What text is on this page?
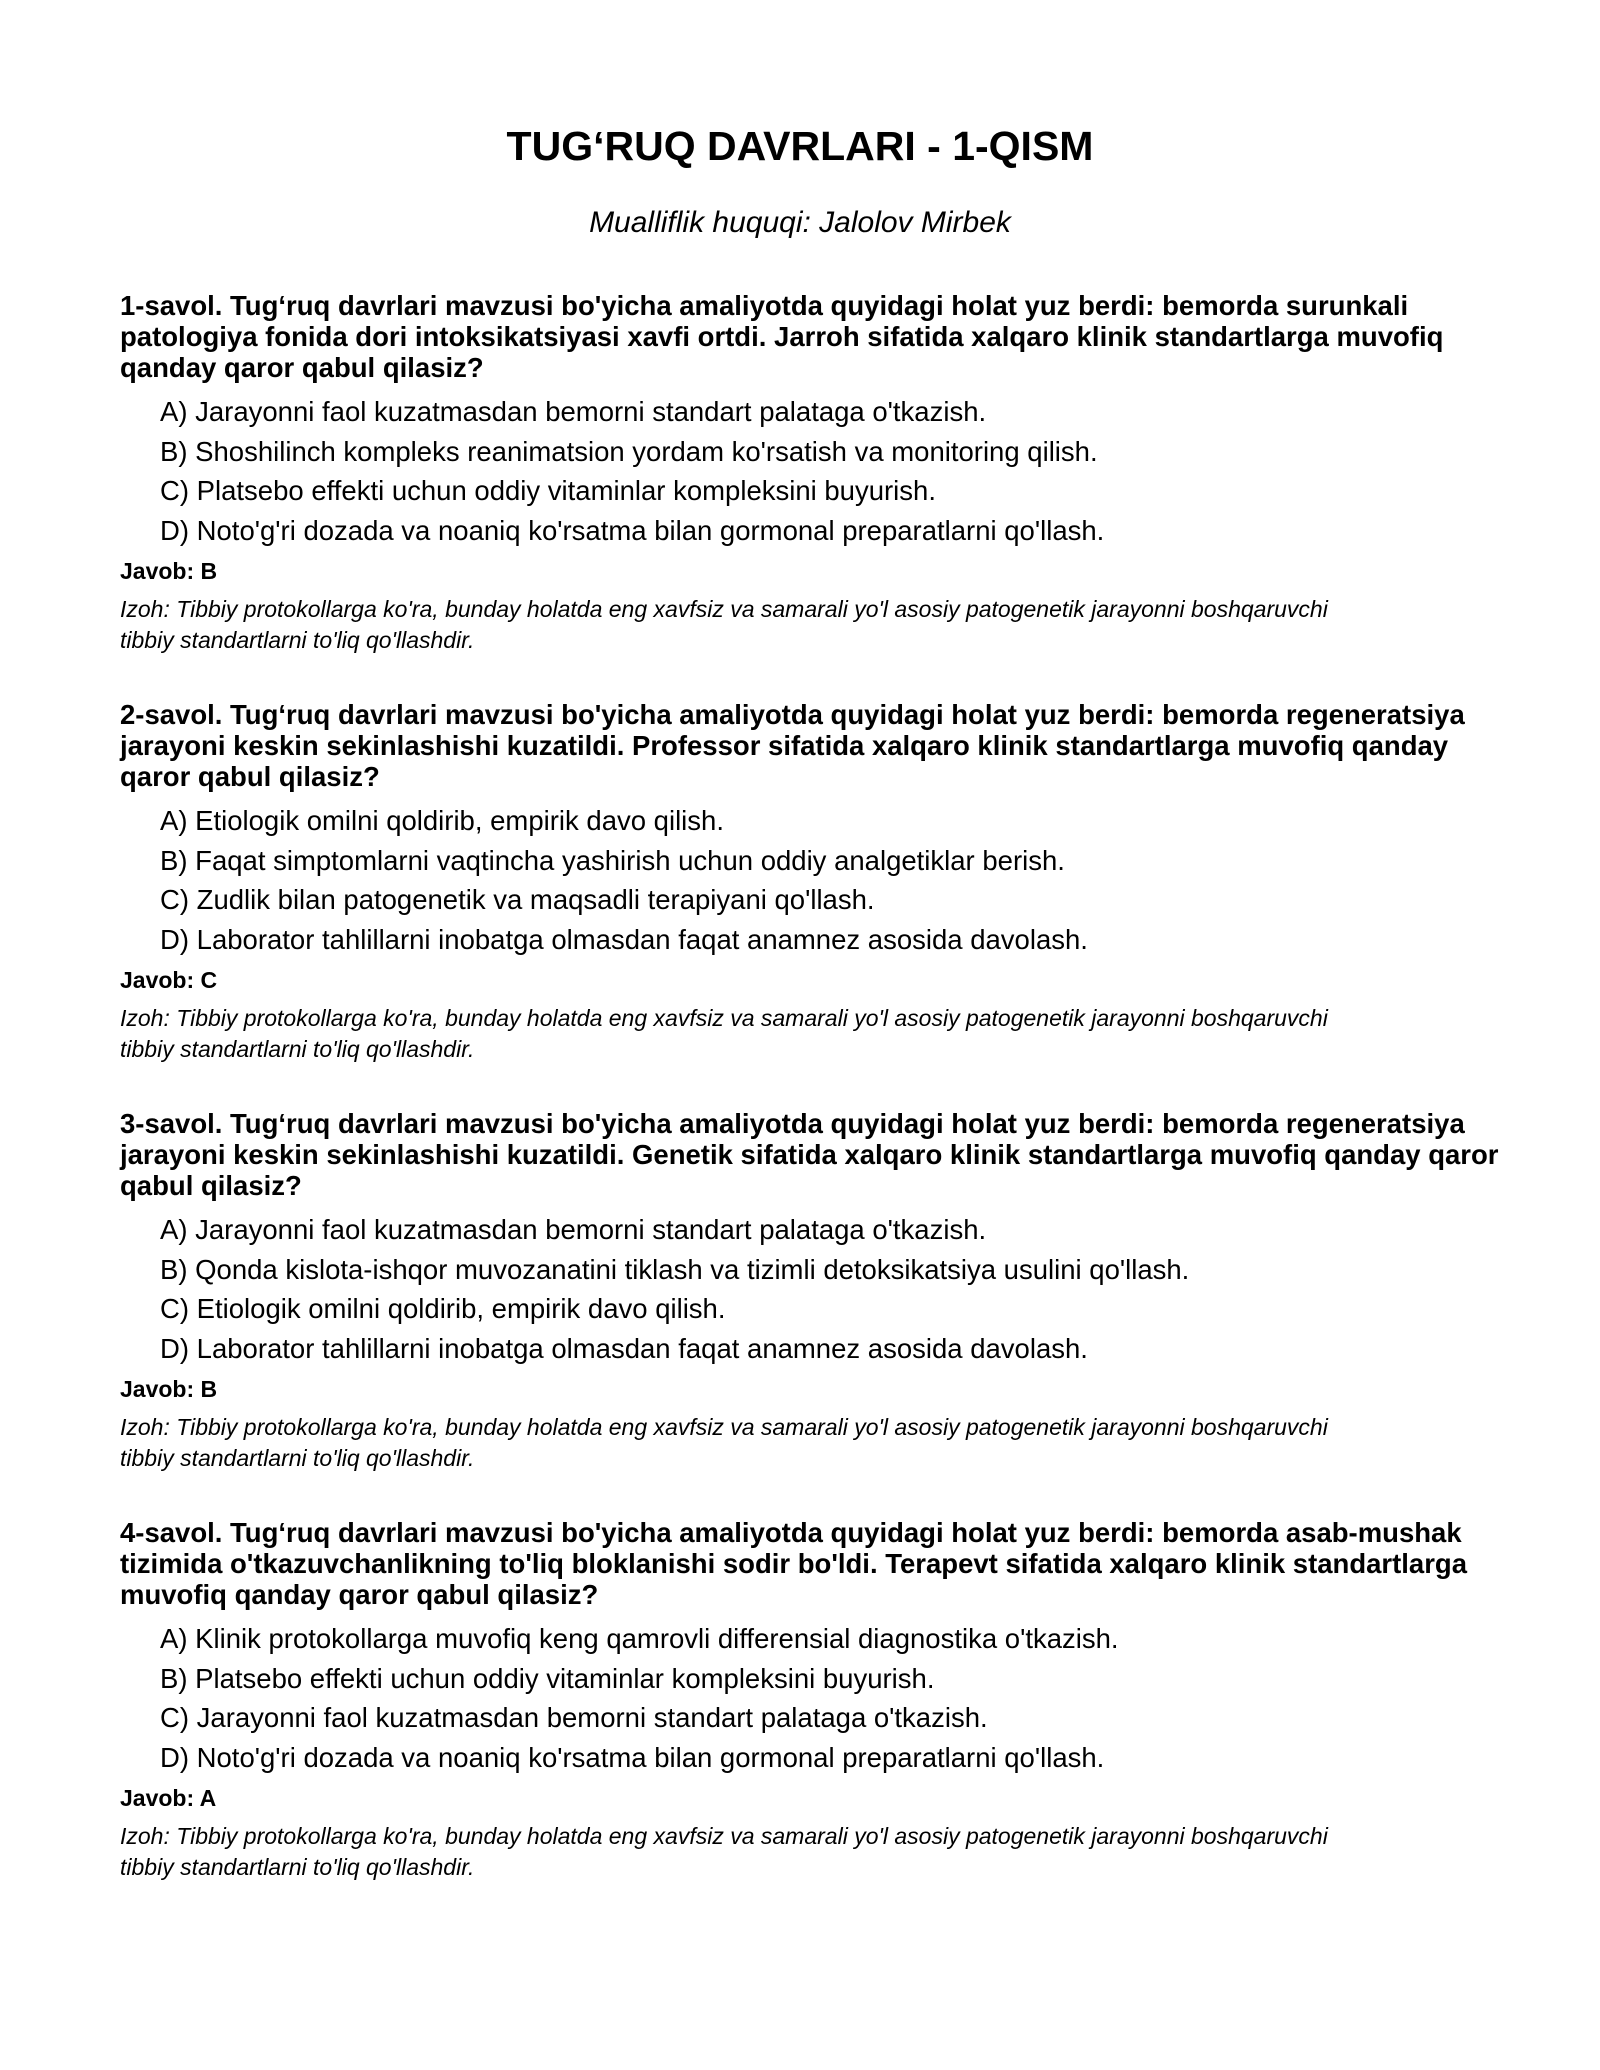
TUG‘RUQ DAVRLARI - 1-QISM

Mualliflik huquqi: Jalolov Mirbek

1-savol. Tug‘ruq davrlari mavzusi bo'yicha amaliyotda quyidagi holat yuz berdi: bemorda surunkali patologiya fonida dori intoksikatsiyasi xavfi ortdi. Jarroh sifatida xalqaro klinik standartlarga muvofiq qanday qaror qabul qilasiz?

A) Jarayonni faol kuzatmasdan bemorni standart palataga o'tkazish.
B) Shoshilinch kompleks reanimatsion yordam ko'rsatish va monitoring qilish.
C) Platsebo effekti uchun oddiy vitaminlar kompleksini buyurish.
D) Noto'g'ri dozada va noaniq ko'rsatma bilan gormonal preparatlarni qo'llash.

Javob: B

Izoh: Tibbiy protokollarga ko'ra, bunday holatda eng xavfsiz va samarali yo'l asosiy patogenetik jarayonni boshqaruvchi tibbiy standartlarni to'liq qo'llashdir.

2-savol. Tug‘ruq davrlari mavzusi bo'yicha amaliyotda quyidagi holat yuz berdi: bemorda regeneratsiya jarayoni keskin sekinlashishi kuzatildi. Professor sifatida xalqaro klinik standartlarga muvofiq qanday qaror qabul qilasiz?

A) Etiologik omilni qoldirib, empirik davo qilish.
B) Faqat simptomlarni vaqtincha yashirish uchun oddiy analgetiklar berish.
C) Zudlik bilan patogenetik va maqsadli terapiyani qo'llash.
D) Laborator tahlillarni inobatga olmasdan faqat anamnez asosida davolash.

Javob: C

Izoh: Tibbiy protokollarga ko'ra, bunday holatda eng xavfsiz va samarali yo'l asosiy patogenetik jarayonni boshqaruvchi tibbiy standartlarni to'liq qo'llashdir.

3-savol. Tug‘ruq davrlari mavzusi bo'yicha amaliyotda quyidagi holat yuz berdi: bemorda regeneratsiya jarayoni keskin sekinlashishi kuzatildi. Genetik sifatida xalqaro klinik standartlarga muvofiq qanday qaror qabul qilasiz?

A) Jarayonni faol kuzatmasdan bemorni standart palataga o'tkazish.
B) Qonda kislota-ishqor muvozanatini tiklash va tizimli detoksikatsiya usulini qo'llash.
C) Etiologik omilni qoldirib, empirik davo qilish.
D) Laborator tahlillarni inobatga olmasdan faqat anamnez asosida davolash.

Javob: B

Izoh: Tibbiy protokollarga ko'ra, bunday holatda eng xavfsiz va samarali yo'l asosiy patogenetik jarayonni boshqaruvchi tibbiy standartlarni to'liq qo'llashdir.

4-savol. Tug‘ruq davrlari mavzusi bo'yicha amaliyotda quyidagi holat yuz berdi: bemorda asab-mushak tizimida o'tkazuvchanlikning to'liq bloklanishi sodir bo'ldi. Terapevt sifatida xalqaro klinik standartlarga muvofiq qanday qaror qabul qilasiz?

A) Klinik protokollarga muvofiq keng qamrovli differensial diagnostika o'tkazish.
B) Platsebo effekti uchun oddiy vitaminlar kompleksini buyurish.
C) Jarayonni faol kuzatmasdan bemorni standart palataga o'tkazish.
D) Noto'g'ri dozada va noaniq ko'rsatma bilan gormonal preparatlarni qo'llash.

Javob: A

Izoh: Tibbiy protokollarga ko'ra, bunday holatda eng xavfsiz va samarali yo'l asosiy patogenetik jarayonni boshqaruvchi tibbiy standartlarni to'liq qo'llashdir.
